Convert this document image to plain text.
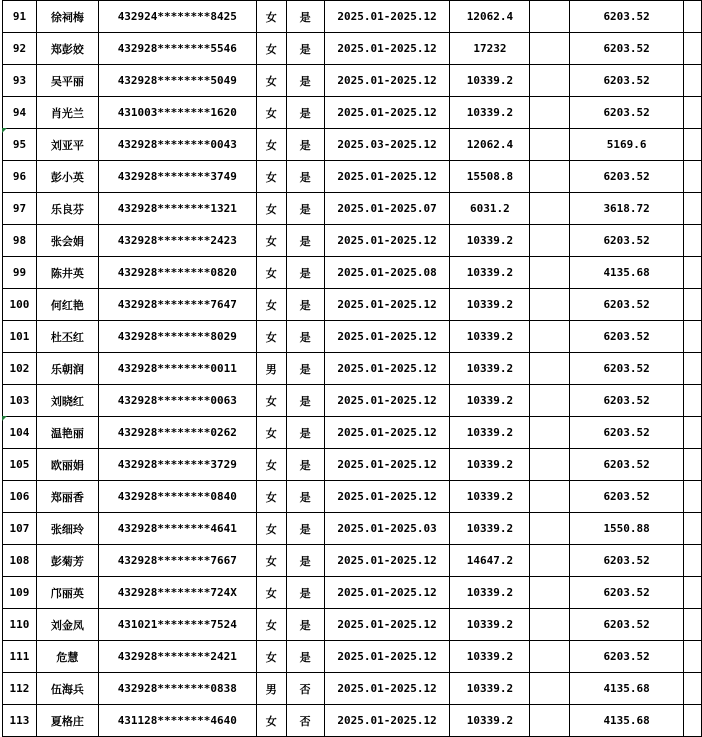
91	徐祠梅	432924********8425	女	是	2025.01-2025.12	12062.4		6203.52	
92	郑彭姣	432928********5546	女	是	2025.01-2025.12	17232		6203.52	
93	吴平丽	432928********5049	女	是	2025.01-2025.12	10339.2		6203.52	
94	肖光兰	431003********1620	女	是	2025.01-2025.12	10339.2		6203.52	
95	刘亚平	432928********0043	女	是	2025.03-2025.12	12062.4		5169.6	
96	彭小英	432928********3749	女	是	2025.01-2025.12	15508.8		6203.52	
97	乐良芬	432928********1321	女	是	2025.01-2025.07	6031.2		3618.72	
98	张会娟	432928********2423	女	是	2025.01-2025.12	10339.2		6203.52	
99	陈井英	432928********0820	女	是	2025.01-2025.08	10339.2		4135.68	
100	何红艳	432928********7647	女	是	2025.01-2025.12	10339.2		6203.52	
101	杜丕红	432928********8029	女	是	2025.01-2025.12	10339.2		6203.52	
102	乐朝润	432928********0011	男	是	2025.01-2025.12	10339.2		6203.52	
103	刘晓红	432928********0063	女	是	2025.01-2025.12	10339.2		6203.52	
104	温艳丽	432928********0262	女	是	2025.01-2025.12	10339.2		6203.52	
105	欧丽娟	432928********3729	女	是	2025.01-2025.12	10339.2		6203.52	
106	郑丽香	432928********0840	女	是	2025.01-2025.12	10339.2		6203.52	
107	张细玲	432928********4641	女	是	2025.01-2025.03	10339.2		1550.88	
108	彭菊芳	432928********7667	女	是	2025.01-2025.12	14647.2		6203.52	
109	邝丽英	432928********724X	女	是	2025.01-2025.12	10339.2		6203.52	
110	刘金凤	431021********7524	女	是	2025.01-2025.12	10339.2		6203.52	
111	危慧	432928********2421	女	是	2025.01-2025.12	10339.2		6203.52	
112	伍海兵	432928********0838	男	否	2025.01-2025.12	10339.2		4135.68	
113	夏格庄	431128********4640	女	否	2025.01-2025.12	10339.2		4135.68	
